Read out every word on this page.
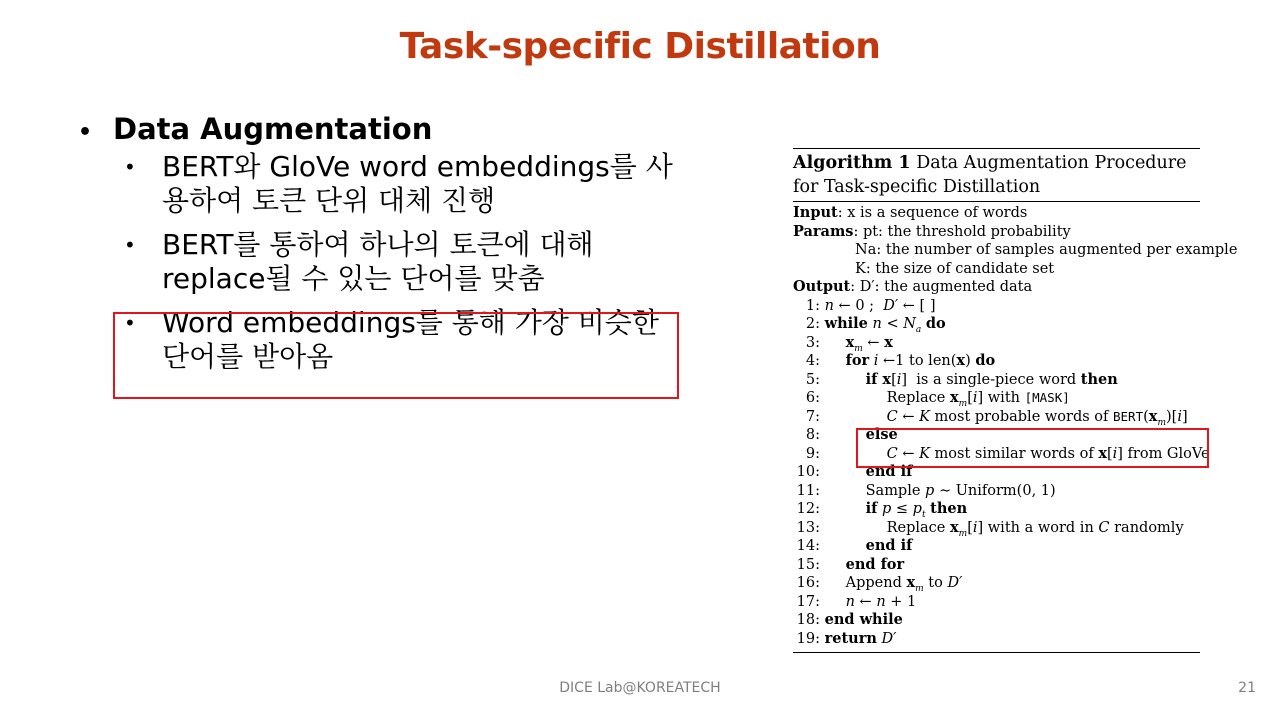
Task-specific Distillation
• Data Augmentation
• BERT와 GloVe word embeddings를 사용하여 토큰 단위 대체 진행
• BERT를 통하여 하나의 토큰에 대해 replace될 수 있는 단어를 맞춤
• Word embeddings를 통해 가장 비슷한 단어를 받아옴
Algorithm 1 Data Augmentation Procedure for Task-specific Distillation
Input: x is a sequence of words
Params: pt: the threshold probability
Na: the number of samples augmented per example
K: the size of candidate set
Output: D′: the augmented data
1: n ← 0 ;  D′ ← [ ]
2: while $n < N_a$ do
3: $x_m$ ← x
4: for i ←1 to len(x) do
5:	if x[i]  is a single-piece word then
6:	Replace $x_m[i]$ with [MASK]
7:	C ← K most probable words of $BERT(x_m)[i]$
8:	else
9:	C ← K most similar words of x[i] from GloVe
10:	end if
11:	Sample p ∼ Uniform(0, 1)
12:	if $p \le p_t$ then
13:	Replace $x_m[i]$ with a word in C randomly
14:	end if
15: end for
16: Append $x_m$ to D′
17: n ← n + 1
18: end while
19: return D′
DICE Lab@KOREATECH	21
